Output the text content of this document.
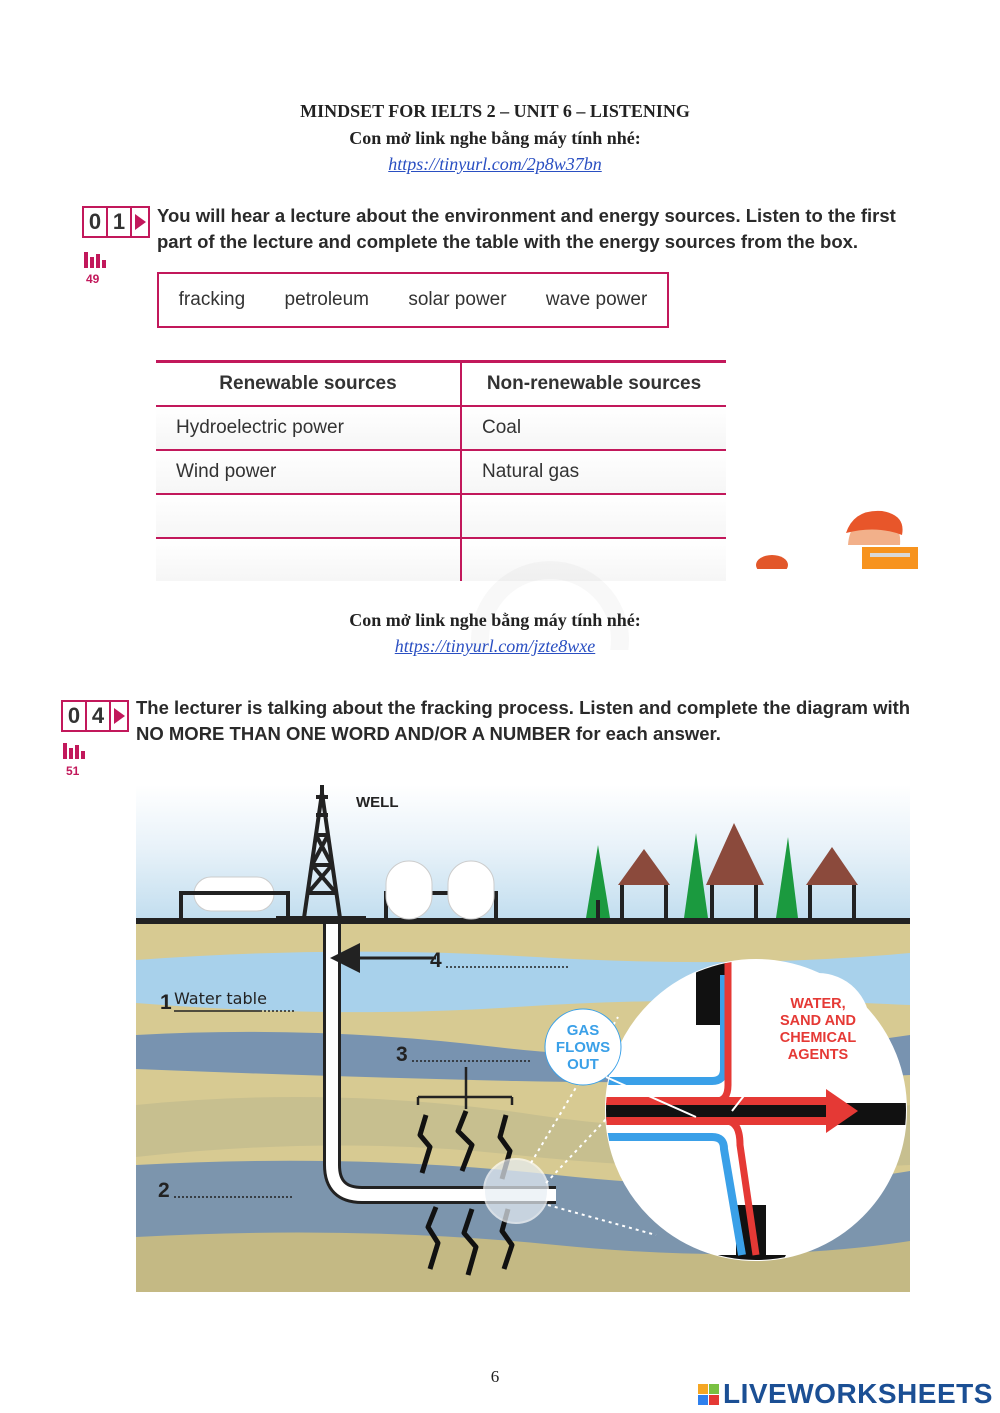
MINDSET FOR IELTS 2 – UNIT 6 – LISTENING
Con mở link nghe bằng máy tính nhé:
https://tinyurl.com/2p8w37bn
0 1
49
You will hear a lecture about the environment and energy sources. Listen to the first
part of the lecture and complete the table with the energy sources from the box.
fracking petroleum solar power wave power
Renewable sources	Non-renewable sources
Hydroelectric power	Coal
Wind power	Natural gas

Con mở link nghe bằng máy tính nhé:
https://tinyurl.com/jzte8wxe
0 4
51
The lecturer is talking about the fracking process. Listen and complete the diagram with
NO MORE THAN ONE WORD AND/OR A NUMBER for each answer.
WELL
4
1 Water table
3
2
GAS
FLOWS
OUT
WATER,
SAND AND
CHEMICAL
AGENTS
6
LIVEWORKSHEETS
